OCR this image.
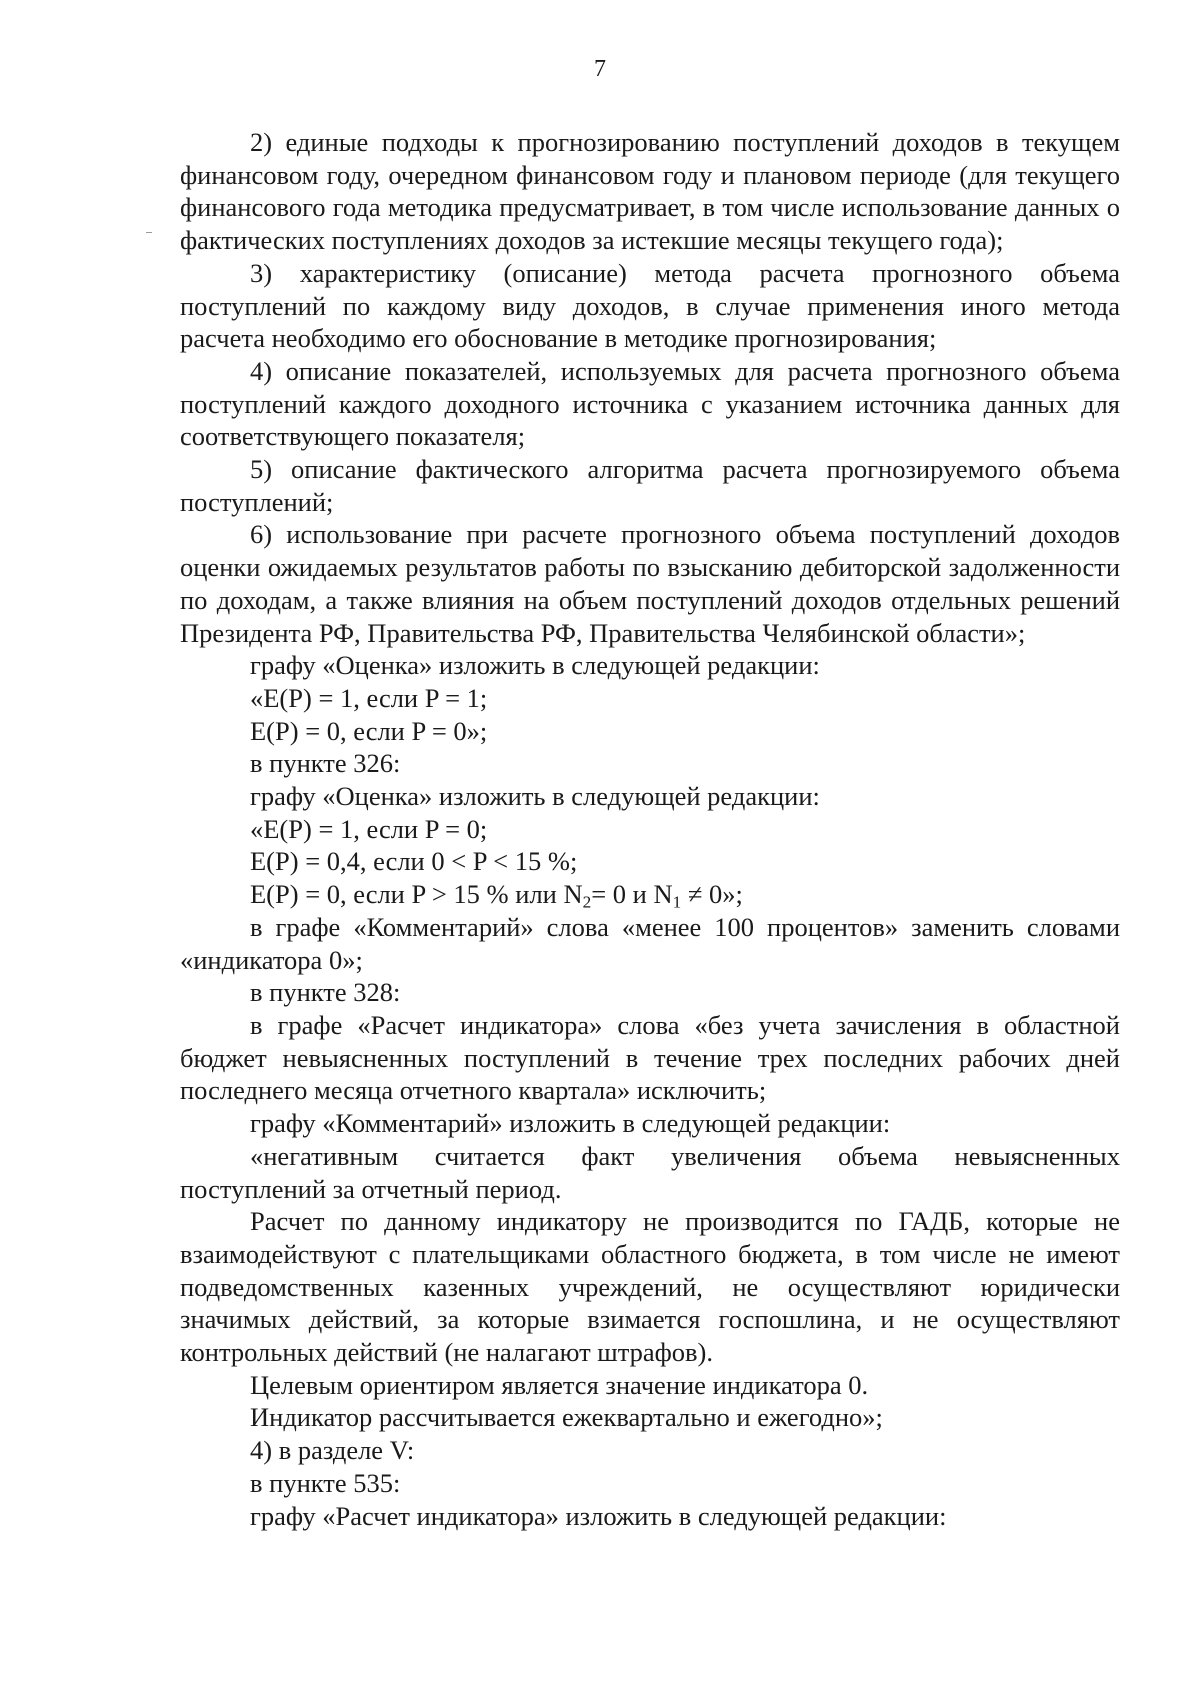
7

2) единые подходы к прогнозированию поступлений доходов в текущем финансовом году, очередном финансовом году и плановом периоде (для текущего финансового года методика предусматривает, в том числе использование данных о фактических поступлениях доходов за истекшие месяцы текущего года);

3) характеристику (описание) метода расчета прогнозного объема поступлений по каждому виду доходов, в случае применения иного метода расчета необходимо его обоснование в методике прогнозирования;

4) описание показателей, используемых для расчета прогнозного объема поступлений каждого доходного источника с указанием источника данных для соответствующего показателя;

5) описание фактического алгоритма расчета прогнозируемого объема поступлений;

6) использование при расчете прогнозного объема поступлений доходов оценки ожидаемых результатов работы по взысканию дебиторской задолженности по доходам, а также влияния на объем поступлений доходов отдельных решений Президента РФ, Правительства РФ, Правительства Челябинской области»;

графу «Оценка» изложить в следующей редакции:

«E(P) = 1, если P = 1;

E(P) = 0, если P = 0»;

в пункте 326:

графу «Оценка» изложить в следующей редакции:

«E(P) = 1, если P = 0;

E(P) = 0,4, если 0 < P < 15 %;

E(P) = 0, если P > 15 % или $N_2= 0$ и $N_1 \ne 0$»;

в графе «Комментарий» слова «менее 100 процентов» заменить словами «индикатора 0»;

в пункте 328:

в графе «Расчет индикатора» слова «без учета зачисления в областной бюджет невыясненных поступлений в течение трех последних рабочих дней последнего месяца отчетного квартала» исключить;

графу «Комментарий» изложить в следующей редакции:

«негативным считается факт увеличения объема невыясненных поступлений за отчетный период.

Расчет по данному индикатору не производится по ГАДБ, которые не взаимодействуют с плательщиками областного бюджета, в том числе не имеют подведомственных казенных учреждений, не осуществляют юридически значимых действий, за которые взимается госпошлина, и не осуществляют контрольных действий (не налагают штрафов).

Целевым ориентиром является значение индикатора 0.

Индикатор рассчитывается ежеквартально и ежегодно»;

4) в разделе V:

в пункте 535:

графу «Расчет индикатора» изложить в следующей редакции:
